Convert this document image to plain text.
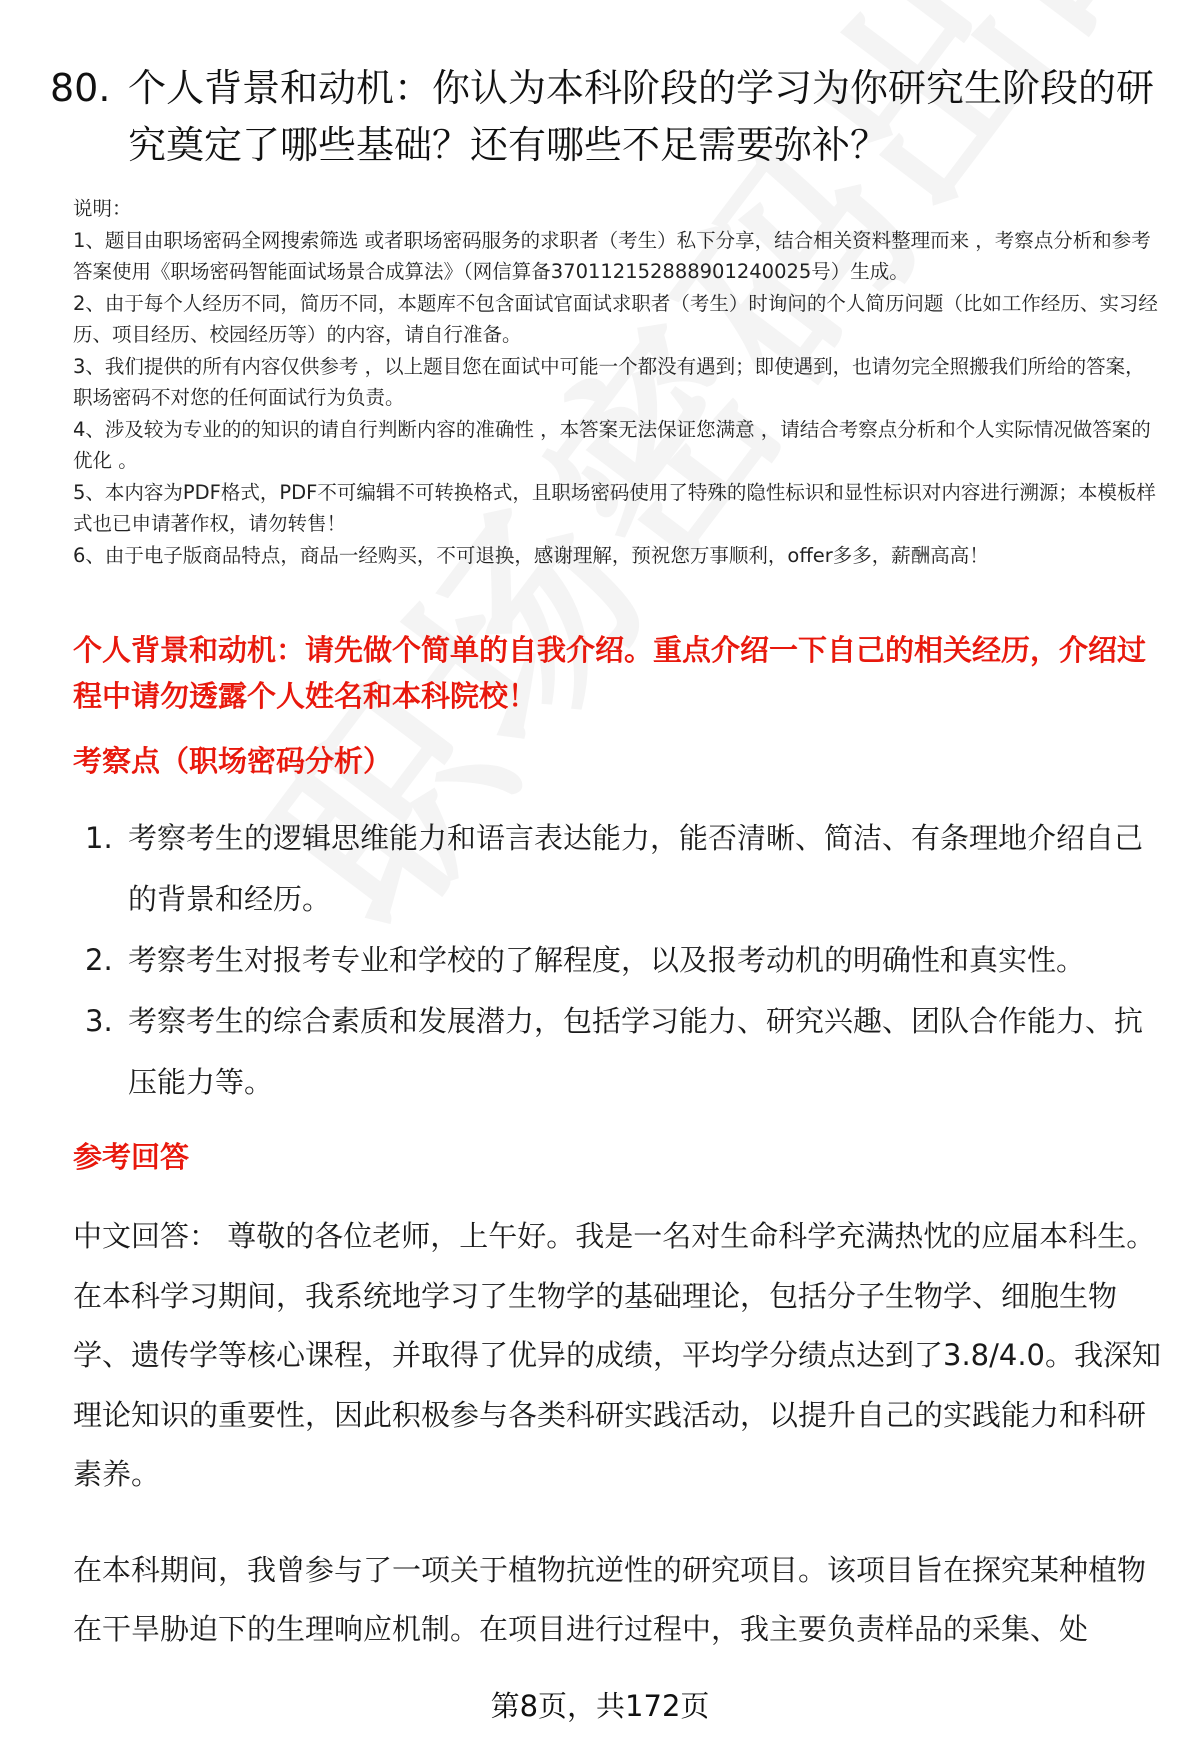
80. 个人背景和动机：你认为本科阶段的学习为你研究生阶段的研究奠定了哪些基础？还有哪些不足需要弥补？

说明：

1、题目由职场密码全网搜索筛选 或者职场密码服务的求职者（考生）私下分享，结合相关资料整理而来 ，考察点分析和参考答案使用《职场密码智能面试场景合成算法》（网信算备370112152888901240025号）生成。

2、由于每个人经历不同，简历不同，本题库不包含面试官面试求职者（考生）时询问的个人简历问题（比如工作经历、实习经历、项目经历、校园经历等）的内容，请自行准备。

3、我们提供的所有内容仅供参考 ，以上题目您在面试中可能一个都没有遇到；即使遇到，也请勿完全照搬我们所给的答案，职场密码不对您的任何面试行为负责。

4、涉及较为专业的的知识的请自行判断内容的准确性 ，本答案无法保证您满意 ，请结合考察点分析和个人实际情况做答案的优化 。

5、本内容为PDF格式，PDF不可编辑不可转换格式，且职场密码使用了特殊的隐性标识和显性标识对内容进行溯源；本模板样式也已申请著作权，请勿转售！

6、由于电子版商品特点，商品一经购买，不可退换，感谢理解，预祝您万事顺利，offer多多，薪酬高高！

个人背景和动机：请先做个简单的自我介绍。重点介绍一下自己的相关经历，介绍过程中请勿透露个人姓名和本科院校！
考察点（职场密码分析）
1. 考察考生的逻辑思维能力和语言表达能力，能否清晰、简洁、有条理地介绍自己的背景和经历。
2. 考察考生对报考专业和学校的了解程度，以及报考动机的明确性和真实性。
3. 考察考生的综合素质和发展潜力，包括学习能力、研究兴趣、团队合作能力、抗压能力等。
参考回答

中文回答： 尊敬的各位老师，上午好。我是一名对生命科学充满热忱的应届本科生。在本科学习期间，我系统地学习了生物学的基础理论，包括分子生物学、细胞生物学、遗传学等核心课程，并取得了优异的成绩，平均学分绩点达到了3.8/4.0。我深知理论知识的重要性，因此积极参与各类科研实践活动，以提升自己的实践能力和科研素养。

在本科期间，我曾参与了一项关于植物抗逆性的研究项目。该项目旨在探究某种植物在干旱胁迫下的生理响应机制。在项目进行过程中，我主要负责样品的采集、处

第8页，共172页
